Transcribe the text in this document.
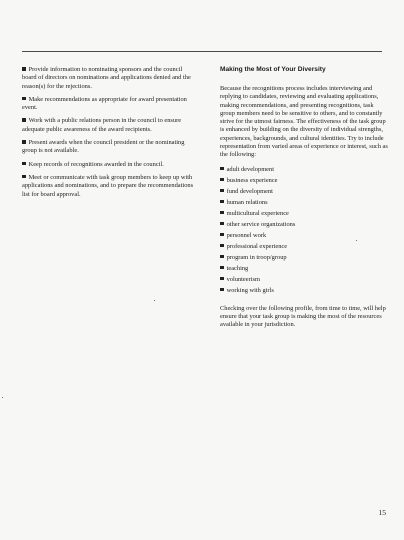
Provide information to nominating sponsors and the council board of directors on nominations and applications denied and the reason(s) for the rejections.

Make recommendations as appropriate for award presentation event.

Work with a public relations person in the council to ensure adequate public awareness of the award recipients.

Present awards when the council president or the nominating group is not available.

Keep records of recognitions awarded in the council.

Meet or communicate with task group members to keep up with applications and nominations, and to prepare the recommendations list for board approval.

Making the Most of Your Diversity

Because the recognitions process includes interviewing and replying to candidates, reviewing and evaluating applications, making recommendations, and presenting recognitions, task group members need to be sensitive to others, and to constantly strive for the utmost fairness. The effectiveness of the task group is enhanced by building on the diversity of individual strengths, experiences, backgrounds, and cultural identities. Try to include representation from varied areas of experience or interest, such as the following:

adult development
business experience
fund development
human relations
multicultural experience
other service organizations
personnel work
professional experience
program in troop/group
teaching
volunteerism
working with girls

Checking over the following profile, from time to time, will help ensure that your task group is making the most of the resources available in your jurisdiction.

15
